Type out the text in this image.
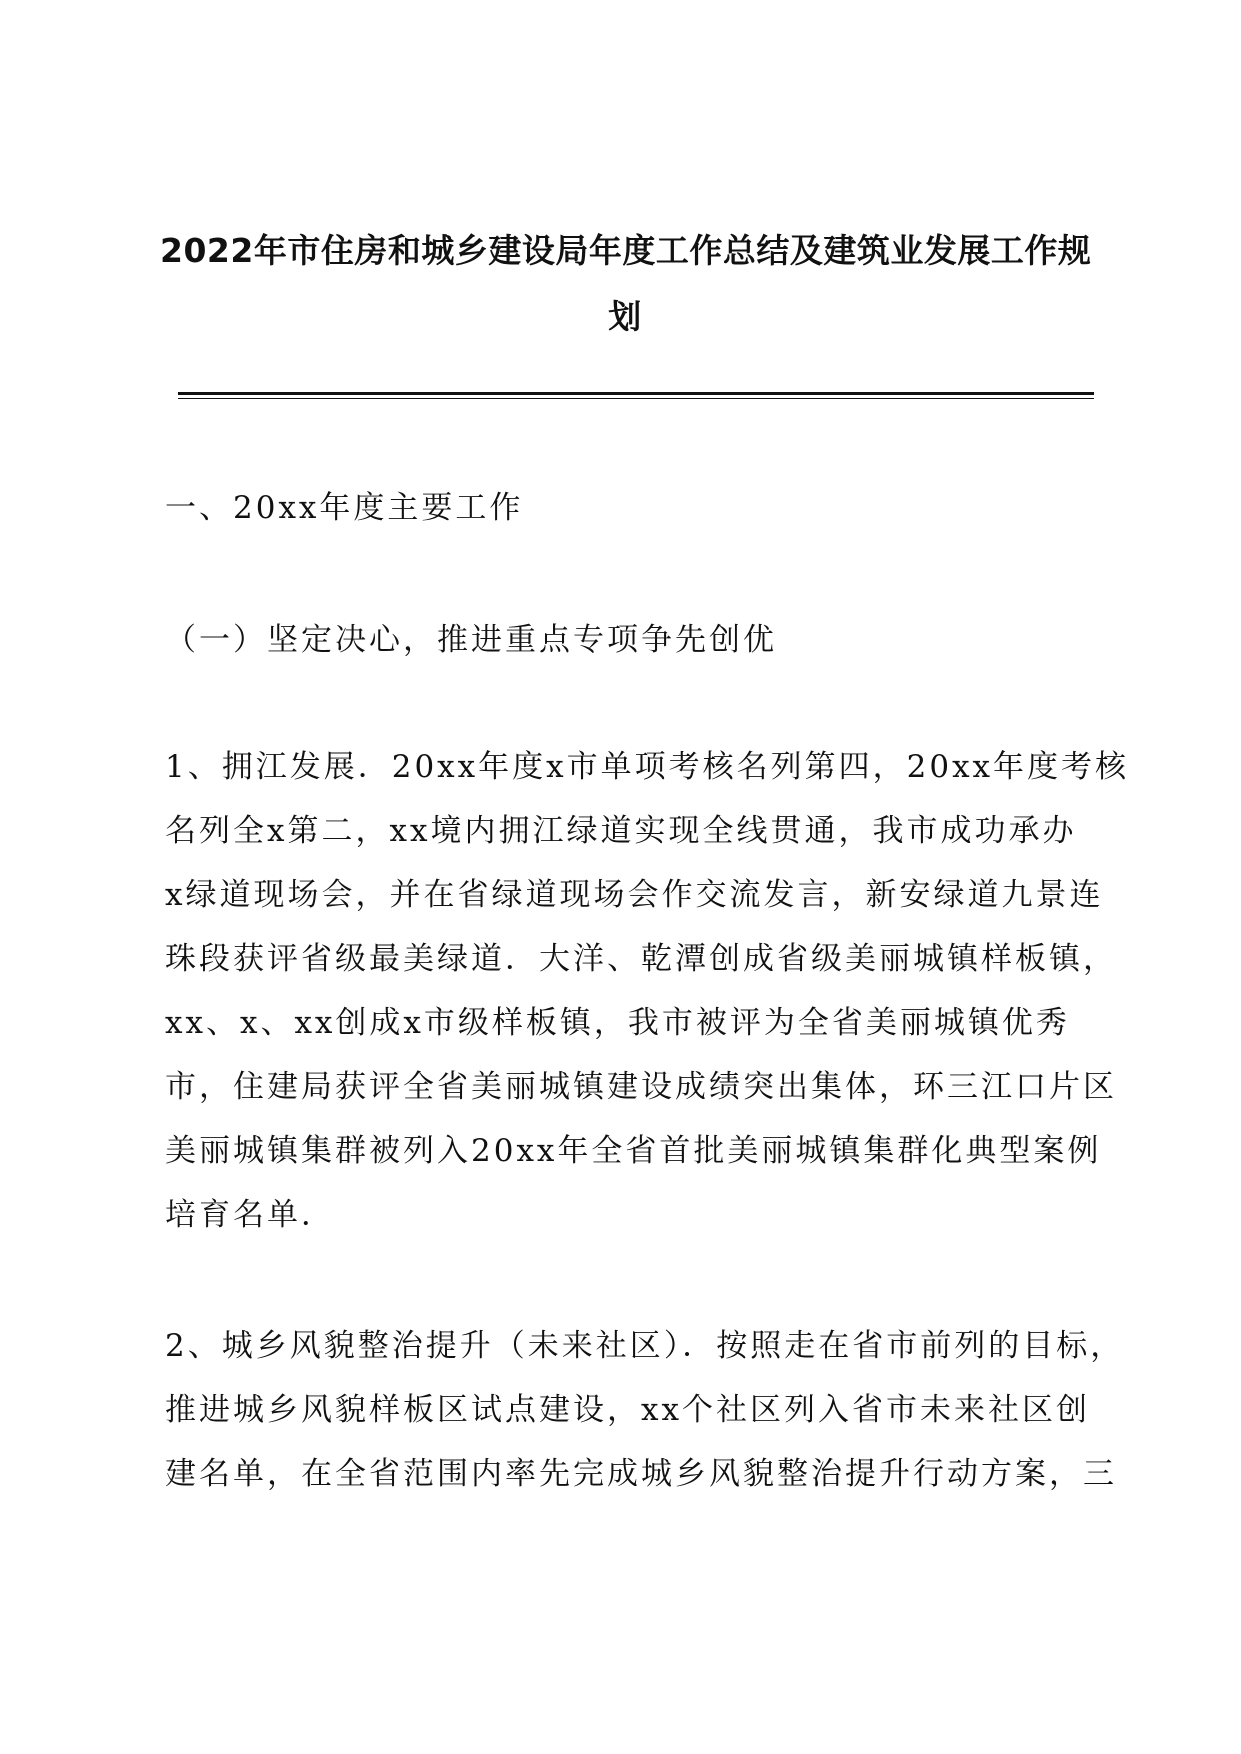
2022年市住房和城乡建设局年度工作总结及建筑业发展工作规
划

一、20xx年度主要工作

（一）坚定决心，推进重点专项争先创优

1、拥江发展．20xx年度x市单项考核名列第四，20xx年度考核
名列全x第二，xx境内拥江绿道实现全线贯通，我市成功承办
x绿道现场会，并在省绿道现场会作交流发言，新安绿道九景连
珠段获评省级最美绿道．大洋、乾潭创成省级美丽城镇样板镇，
xx、x、xx创成x市级样板镇，我市被评为全省美丽城镇优秀
市，住建局获评全省美丽城镇建设成绩突出集体，环三江口片区
美丽城镇集群被列入20xx年全省首批美丽城镇集群化典型案例
培育名单．
2、城乡风貌整治提升（未来社区）．按照走在省市前列的目标，
推进城乡风貌样板区试点建设，xx个社区列入省市未来社区创
建名单，在全省范围内率先完成城乡风貌整治提升行动方案，三
